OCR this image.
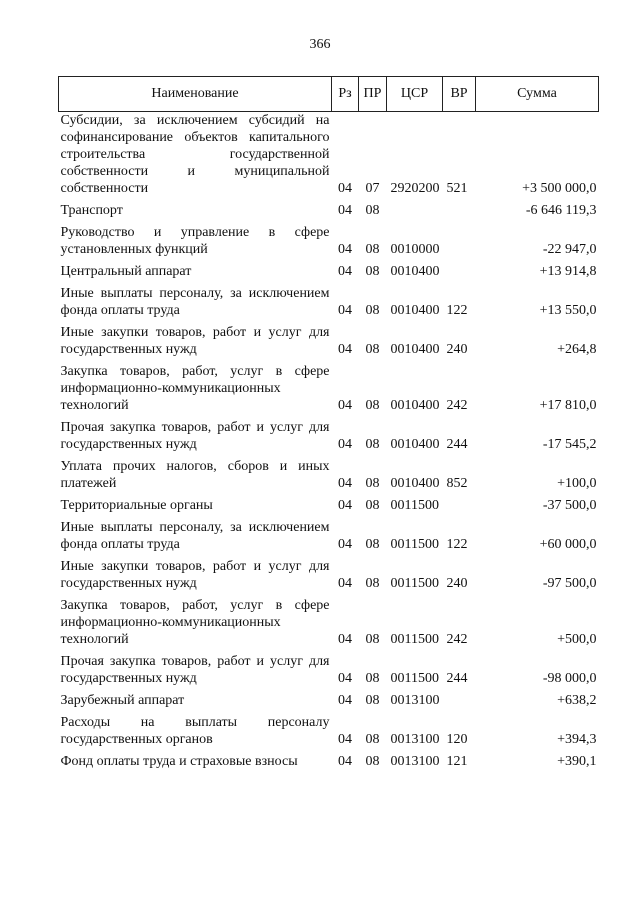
366
Наименование	Рз	ПР	ЦСР	ВР	Сумма
Субсидии, за исключением субсидий на софинансирование объектов капитального строительства государственной собственности и муниципальной собственности	04	07	2920200	521	+3 500 000,0
Транспорт	04	08			-6 646 119,3
Руководство и управление в сфере установленных функций	04	08	0010000		-22 947,0
Центральный аппарат	04	08	0010400		+13 914,8
Иные выплаты персоналу, за исключением фонда оплаты труда	04	08	0010400	122	+13 550,0
Иные закупки товаров, работ и услуг для государственных нужд	04	08	0010400	240	+264,8
Закупка товаров, работ, услуг в сфере информационно-коммуникационных технологий	04	08	0010400	242	+17 810,0
Прочая закупка товаров, работ и услуг для государственных нужд	04	08	0010400	244	-17 545,2
Уплата прочих налогов, сборов и иных платежей	04	08	0010400	852	+100,0
Территориальные органы	04	08	0011500		-37 500,0
Иные выплаты персоналу, за исключением фонда оплаты труда	04	08	0011500	122	+60 000,0
Иные закупки товаров, работ и услуг для государственных нужд	04	08	0011500	240	-97 500,0
Закупка товаров, работ, услуг в сфере информационно-коммуникационных технологий	04	08	0011500	242	+500,0
Прочая закупка товаров, работ и услуг для государственных нужд	04	08	0011500	244	-98 000,0
Зарубежный аппарат	04	08	0013100		+638,2
Расходы на выплаты персоналу государственных органов	04	08	0013100	120	+394,3
Фонд оплаты труда и страховые взносы	04	08	0013100	121	+390,1
